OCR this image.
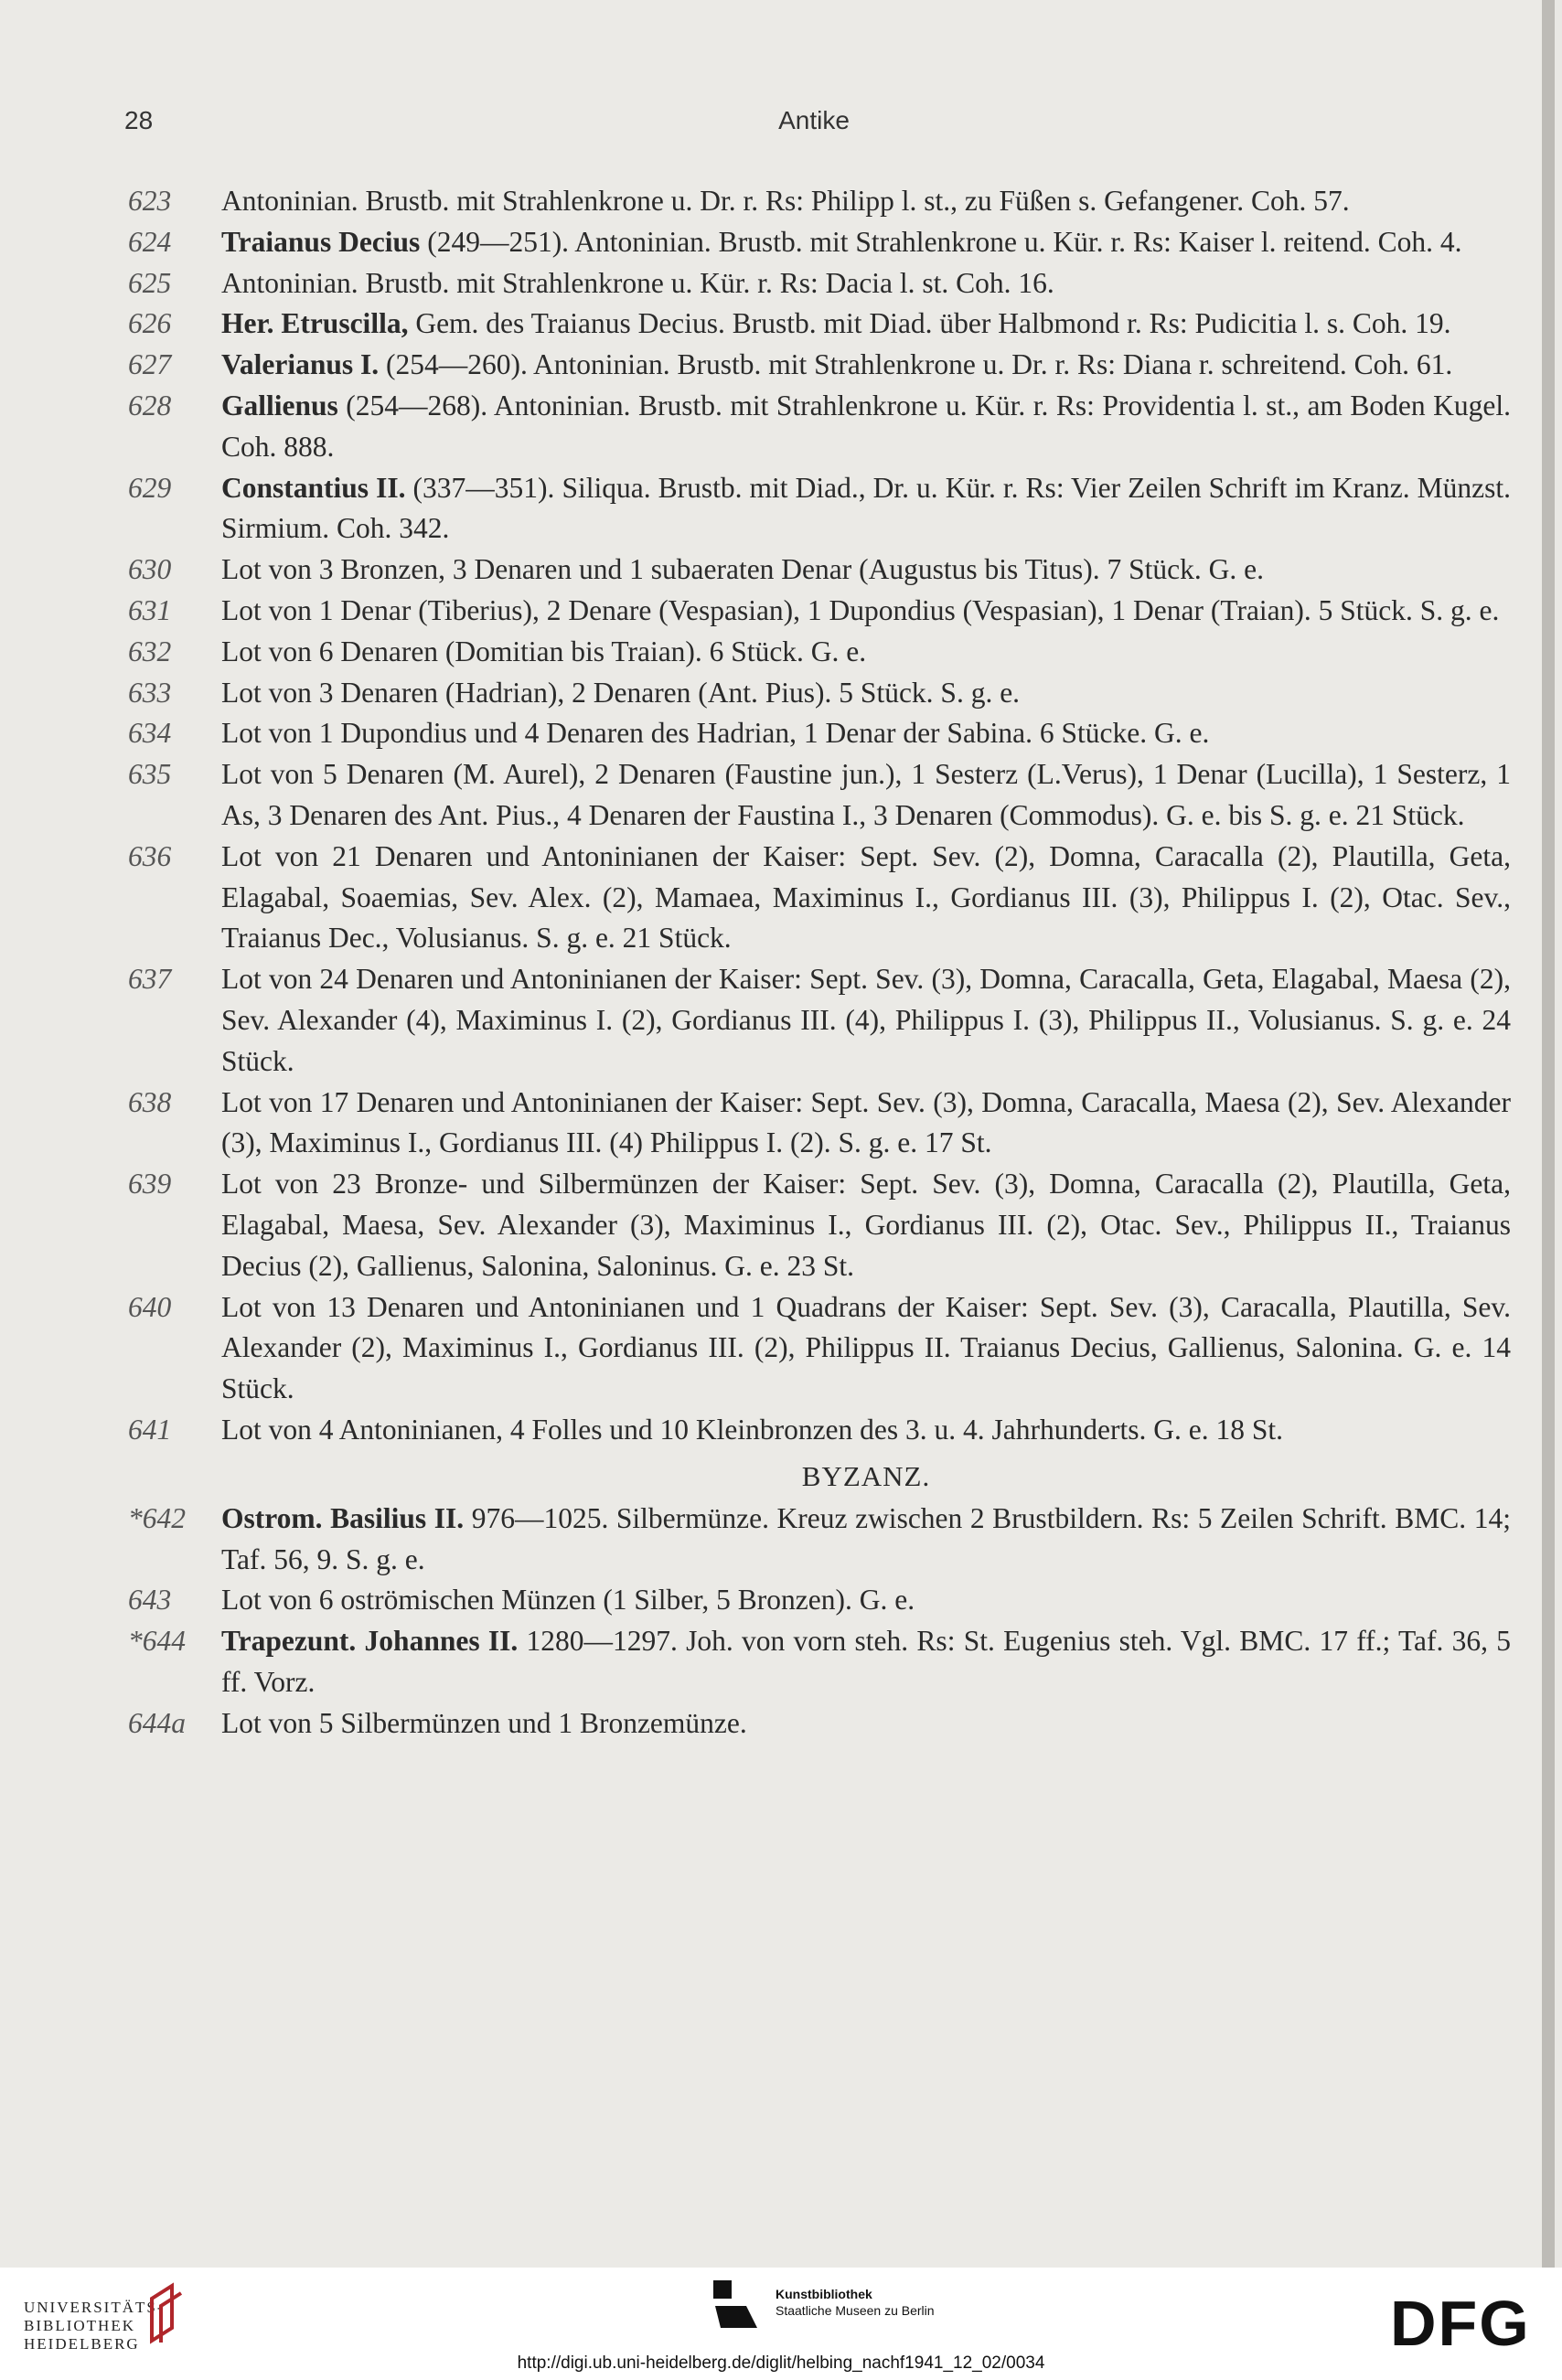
28	Antike
623	Antoninian. Brustb. mit Strahlenkrone u. Dr. r. Rs: Philipp l. st., zu Füßen s. Gefangener. Coh. 57.
624	Traianus Decius (249—251). Antoninian. Brustb. mit Strahlenkrone u. Kür. r. Rs: Kaiser l. reitend. Coh. 4.
625	Antoninian. Brustb. mit Strahlenkrone u. Kür. r. Rs: Dacia l. st. Coh. 16.
626	Her. Etruscilla, Gem. des Traianus Decius. Brustb. mit Diad. über Halbmond r. Rs: Pudicitia l. s. Coh. 19.
627	Valerianus I. (254—260). Antoninian. Brustb. mit Strahlenkrone u. Dr. r. Rs: Diana r. schreitend. Coh. 61.
628	Gallienus (254—268). Antoninian. Brustb. mit Strahlenkrone u. Kür. r. Rs: Providentia l. st., am Boden Kugel. Coh. 888.
629	Constantius II. (337—351). Siliqua. Brustb. mit Diad., Dr. u. Kür. r. Rs: Vier Zeilen Schrift im Kranz. Münzst. Sirmium. Coh. 342.
630	Lot von 3 Bronzen, 3 Denaren und 1 subaeraten Denar (Augustus bis Titus). 7 Stück. G. e.
631	Lot von 1 Denar (Tiberius), 2 Denare (Vespasian), 1 Dupondius (Vespasian), 1 Denar (Traian). 5 Stück. S. g. e.
632	Lot von 6 Denaren (Domitian bis Traian). 6 Stück. G. e.
633	Lot von 3 Denaren (Hadrian), 2 Denaren (Ant. Pius). 5 Stück. S. g. e.
634	Lot von 1 Dupondius und 4 Denaren des Hadrian, 1 Denar der Sabina. 6 Stücke. G. e.
635	Lot von 5 Denaren (M. Aurel), 2 Denaren (Faustine jun.), 1 Sesterz (L.Verus), 1 Denar (Lucilla), 1 Sesterz, 1 As, 3 Denaren des Ant. Pius., 4 Denaren der Faustina I., 3 Denaren (Commodus). G. e. bis S. g. e. 21 Stück.
636	Lot von 21 Denaren und Antoninianen der Kaiser: Sept. Sev. (2), Domna, Caracalla (2), Plautilla, Geta, Elagabal, Soaemias, Sev. Alex. (2), Mamaea, Maximinus I., Gordianus III. (3), Philippus I. (2), Otac. Sev., Traianus Dec., Volusianus. S. g. e. 21 Stück.
637	Lot von 24 Denaren und Antoninianen der Kaiser: Sept. Sev. (3), Domna, Caracalla, Geta, Elagabal, Maesa (2), Sev. Alexander (4), Maximinus I. (2), Gordianus III. (4), Philippus I. (3), Philippus II., Volusianus. S. g. e. 24 Stück.
638	Lot von 17 Denaren und Antoninianen der Kaiser: Sept. Sev. (3), Domna, Caracalla, Maesa (2), Sev. Alexander (3), Maximinus I., Gordianus III. (4) Philippus I. (2). S. g. e. 17 St.
639	Lot von 23 Bronze- und Silbermünzen der Kaiser: Sept. Sev. (3), Domna, Caracalla (2), Plautilla, Geta, Elagabal, Maesa, Sev. Alexander (3), Maximinus I., Gordianus III. (2), Otac. Sev., Philippus II., Traianus Decius (2), Gallienus, Salonina, Saloninus. G. e. 23 St.
640	Lot von 13 Denaren und Antoninianen und 1 Quadrans der Kaiser: Sept. Sev. (3), Caracalla, Plautilla, Sev. Alexander (2), Maximinus I., Gordianus III. (2), Philippus II. Traianus Decius, Gallienus, Salonina. G. e. 14 Stück.
641	Lot von 4 Antoninianen, 4 Folles und 10 Kleinbronzen des 3. u. 4. Jahrhunderts. G. e. 18 St.
BYZANZ.
*642	Ostrom. Basilius II. 976—1025. Silbermünze. Kreuz zwischen 2 Brustbildern. Rs: 5 Zeilen Schrift. BMC. 14; Taf. 56, 9. S. g. e.
643	Lot von 6 oströmischen Münzen (1 Silber, 5 Bronzen). G. e.
*644	Trapezunt. Johannes II. 1280—1297. Joh. von vorn steh. Rs: St. Eugenius steh. Vgl. BMC. 17 ff.; Taf. 36, 5 ff. Vorz.
644a	Lot von 5 Silbermünzen und 1 Bronzemünze.
UNIVERSITÄTS-
BIBLIOTHEK
HEIDELBERG
Kunstbibliothek
Staatliche Museen zu Berlin	DFG
http://digi.ub.uni-heidelberg.de/diglit/helbing_nachf1941_12_02/0034
